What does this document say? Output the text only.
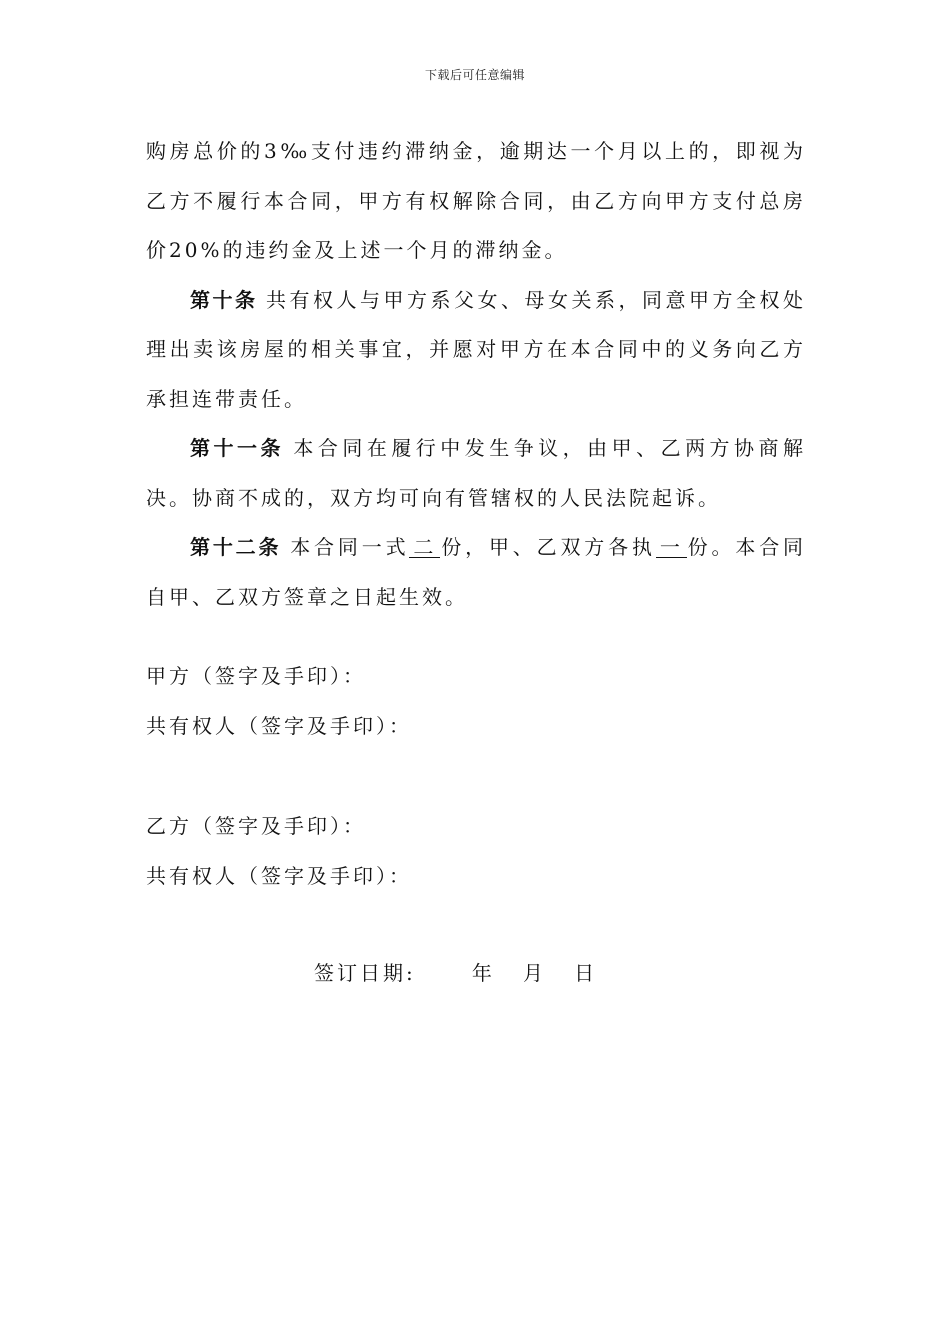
下载后可任意编辑

购房总价的3‰支付违约滞纳金，逾期达一个月以上的，即视为乙方不履行本合同，甲方有权解除合同，由乙方向甲方支付总房价20%的违约金及上述一个月的滞纳金。

第十条 共有权人与甲方系父女、母女关系，同意甲方全权处理出卖该房屋的相关事宜，并愿对甲方在本合同中的义务向乙方承担连带责任。

第十一条 本合同在履行中发生争议，由甲、乙两方协商解决。协商不成的，双方均可向有管辖权的人民法院起诉。

第十二条 本合同一式 二 份，甲、乙双方各执 一 份。本合同自甲、乙双方签章之日起生效。

甲方（签字及手印）：
共有权人（签字及手印）：
乙方（签字及手印）：
共有权人（签字及手印）：
签订日期:	年 月 日
